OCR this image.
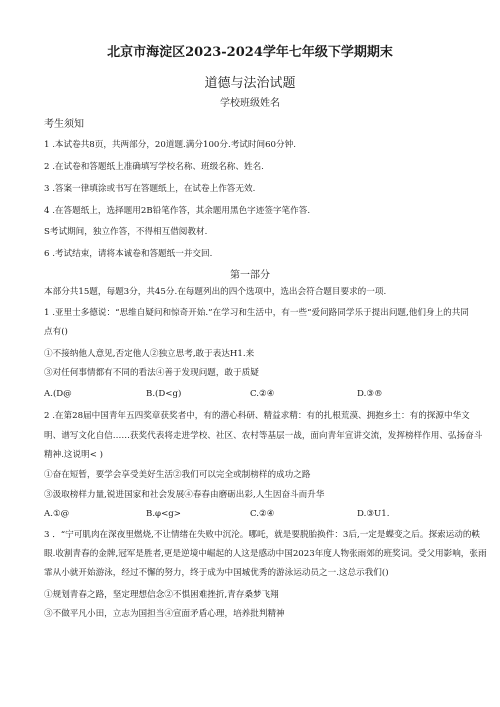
北京市海淀区2023-2024学年七年级下学期期末
道德与法治试题
学校班级姓名
考生须知
1 .本试卷共8页，共两部分，20道题.满分100分.考试时间60分钟.
2 .在试卷和答题纸上准确填写学校名称、班级名称、姓名.
3 .答案一律填涂或书写在答题纸上，在试卷上作答无效.
4 .在答题纸上，选择题用2B铅笔作答，其余题用黑色字迹签字笔作答.
S考试期间，独立作答，不得相互借阅教材.
6 .考试结束，请将本诚卷和答题纸一并交回.
第一部分
本部分共15题，每题3分，共45分.在每题列出的四个选项中，选出会符合题目要求的一项.
1 .亚里士多德说：“思维自疑问和惊奇开始.”在学习和生活中，有一些“爱问路同学乐于提出问题,他们身上的共同
点有()
①不接纳他人意见,否定他人②独立思考,敢于表达H1.来
③对任何事情都有不同的看法④善于发现问题，敢于质疑
A.(D@	B.(D<g)	C.②④	D.③®
2 .在第28届中国青年五四奖章获奖者中，有的潜心科研、精益求精：有的扎根荒漠、拥抱乡土：有的探源中华文
明、谱写文化自信……获奖代表将走进学校、社区、农村等基层一战，面向青年宣讲交流，发挥榜样作用、弘扬奋斗
精神.这说明< )
①奋在短暂，要学会享受美好生活②我们可以完全或制榜样的成功之路
③汲取榜样力量,锐进国家和社会发展④春春由磨砺出彩,人生因奋斗而升华
A.①@	B.φ<g>	C.②④	D.③U1.
3 ．“宁可肌肉在深夜里燃烧,不让情绪在失败中沉沦。哪吒，就是要脱胎换件：3后,一定是蝶变之后。探索运动的軼
眼.收割青春的金牌,冠军是胜者,更是逆境中崛起的人这是感动中国2023年度人物张雨郊的班奖词。受父用影响，张雨
霏从小就开始游泳，经过不懈的努力，终于成为中国城优秀的游泳运动员之一.这总示我们()
①规划青春之路，坚定理想信念②不惧困难挫折,青存桑梦飞翔
③不做平凡小田，立志为国担当④宣面矛盾心理，培养批判精神
